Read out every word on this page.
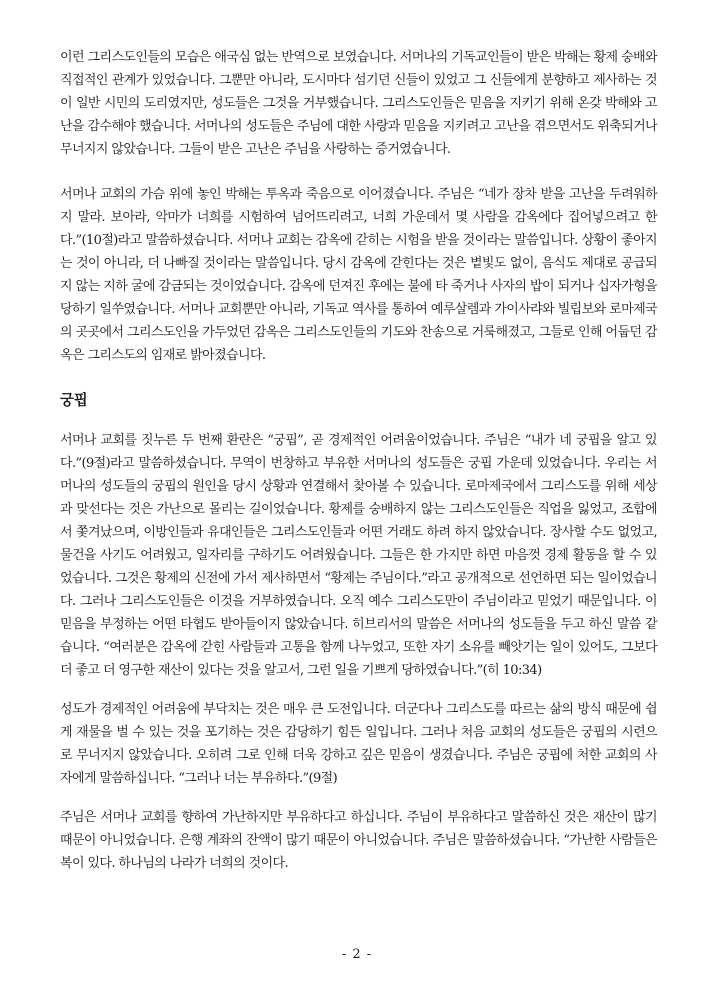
이런 그리스도인들의 모습은 애국심 없는 반역으로 보였습니다. 서머나의 기독교인들이 받은 박해는 황제 숭배와 직접적인 관계가 있었습니다. 그뿐만 아니라, 도시마다 섬기던 신들이 있었고 그 신들에게 분향하고 제사하는 것이 일반 시민의 도리였지만, 성도들은 그것을 거부했습니다. 그리스도인들은 믿음을 지키기 위해 온갖 박해와 고난을 감수해야 했습니다. 서머나의 성도들은 주님에 대한 사랑과 믿음을 지키려고 고난을 겪으면서도 위축되거나 무너지지 않았습니다. 그들이 받은 고난은 주님을 사랑하는 증거였습니다.

서머나 교회의 가슴 위에 놓인 박해는 투옥과 죽음으로 이어졌습니다. 주님은 “네가 장차 받을 고난을 두려워하지 말라. 보아라, 악마가 너희를 시험하여 넘어뜨리려고, 너희 가운데서 몇 사람을 감옥에다 집어넣으려고 한다.”(10절)라고 말씀하셨습니다. 서머나 교회는 감옥에 갇히는 시험을 받을 것이라는 말씀입니다. 상황이 좋아지는 것이 아니라, 더 나빠질 것이라는 말씀입니다. 당시 감옥에 갇힌다는 것은 볕빛도 없이, 음식도 제대로 공급되지 않는 지하 굴에 감금되는 것이었습니다. 감옥에 던져진 후에는 불에 타 죽거나 사자의 밥이 되거나 십자가형을 당하기 일쑤였습니다. 서머나 교회뿐만 아니라, 기독교 역사를 통하여 예루살렘과 가이사랴와 빌립보와 로마제국의 곳곳에서 그리스도인을 가두었던 감옥은 그리스도인들의 기도와 찬송으로 거룩해졌고, 그들로 인해 어둡던 감옥은 그리스도의 임재로 밝아졌습니다.

궁핍

서머나 교회를 짓누른 두 번째 환란은 “궁핍”, 곧 경제적인 어려움이었습니다. 주님은 “내가 네 궁핍을 알고 있다.”(9절)라고 말씀하셨습니다. 무역이 번창하고 부유한 서머나의 성도들은 궁핍 가운데 있었습니다. 우리는 서머나의 성도들의 궁핍의 원인을 당시 상황과 연결해서 찾아볼 수 있습니다. 로마제국에서 그리스도를 위해 세상과 맞선다는 것은 가난으로 몰리는 길이었습니다. 황제를 숭배하지 않는 그리스도인들은 직업을 잃었고, 조합에서 쫓겨났으며, 이방인들과 유대인들은 그리스도인들과 어떤 거래도 하려 하지 않았습니다. 장사할 수도 없었고, 물건을 사기도 어려웠고, 일자리를 구하기도 어려웠습니다. 그들은 한 가지만 하면 마음껏 경제 활동을 할 수 있었습니다. 그것은 황제의 신전에 가서 제사하면서 “황제는 주님이다.”라고 공개적으로 선언하면 되는 일이었습니다. 그러나 그리스도인들은 이것을 거부하였습니다. 오직 예수 그리스도만이 주님이라고 믿었기 때문입니다. 이 믿음을 부정하는 어떤 타협도 받아들이지 않았습니다. 히브리서의 말씀은 서머나의 성도들을 두고 하신 말씀 같습니다. “여러분은 감옥에 갇힌 사람들과 고통을 함께 나누었고, 또한 자기 소유를 빼앗기는 일이 있어도, 그보다 더 좋고 더 영구한 재산이 있다는 것을 알고서, 그런 일을 기쁘게 당하였습니다.”(히 10:34)

성도가 경제적인 어려움에 부닥치는 것은 매우 큰 도전입니다. 더군다나 그리스도를 따르는 삶의 방식 때문에 쉽게 재물을 벌 수 있는 것을 포기하는 것은 감당하기 힘든 일입니다. 그러나 처음 교회의 성도들은 궁핍의 시련으로 무너지지 않았습니다. 오히려 그로 인해 더욱 강하고 깊은 믿음이 생겼습니다. 주님은 궁핍에 처한 교회의 사자에게 말씀하십니다. “그러나 너는 부유하다.”(9절)

주님은 서머나 교회를 향하여 가난하지만 부유하다고 하십니다. 주님이 부유하다고 말씀하신 것은 재산이 많기 때문이 아니었습니다. 은행 계좌의 잔액이 많기 때문이 아니었습니다. 주님은 말씀하셨습니다. “가난한 사람들은 복이 있다. 하나님의 나라가 너희의 것이다.

- 2 -
